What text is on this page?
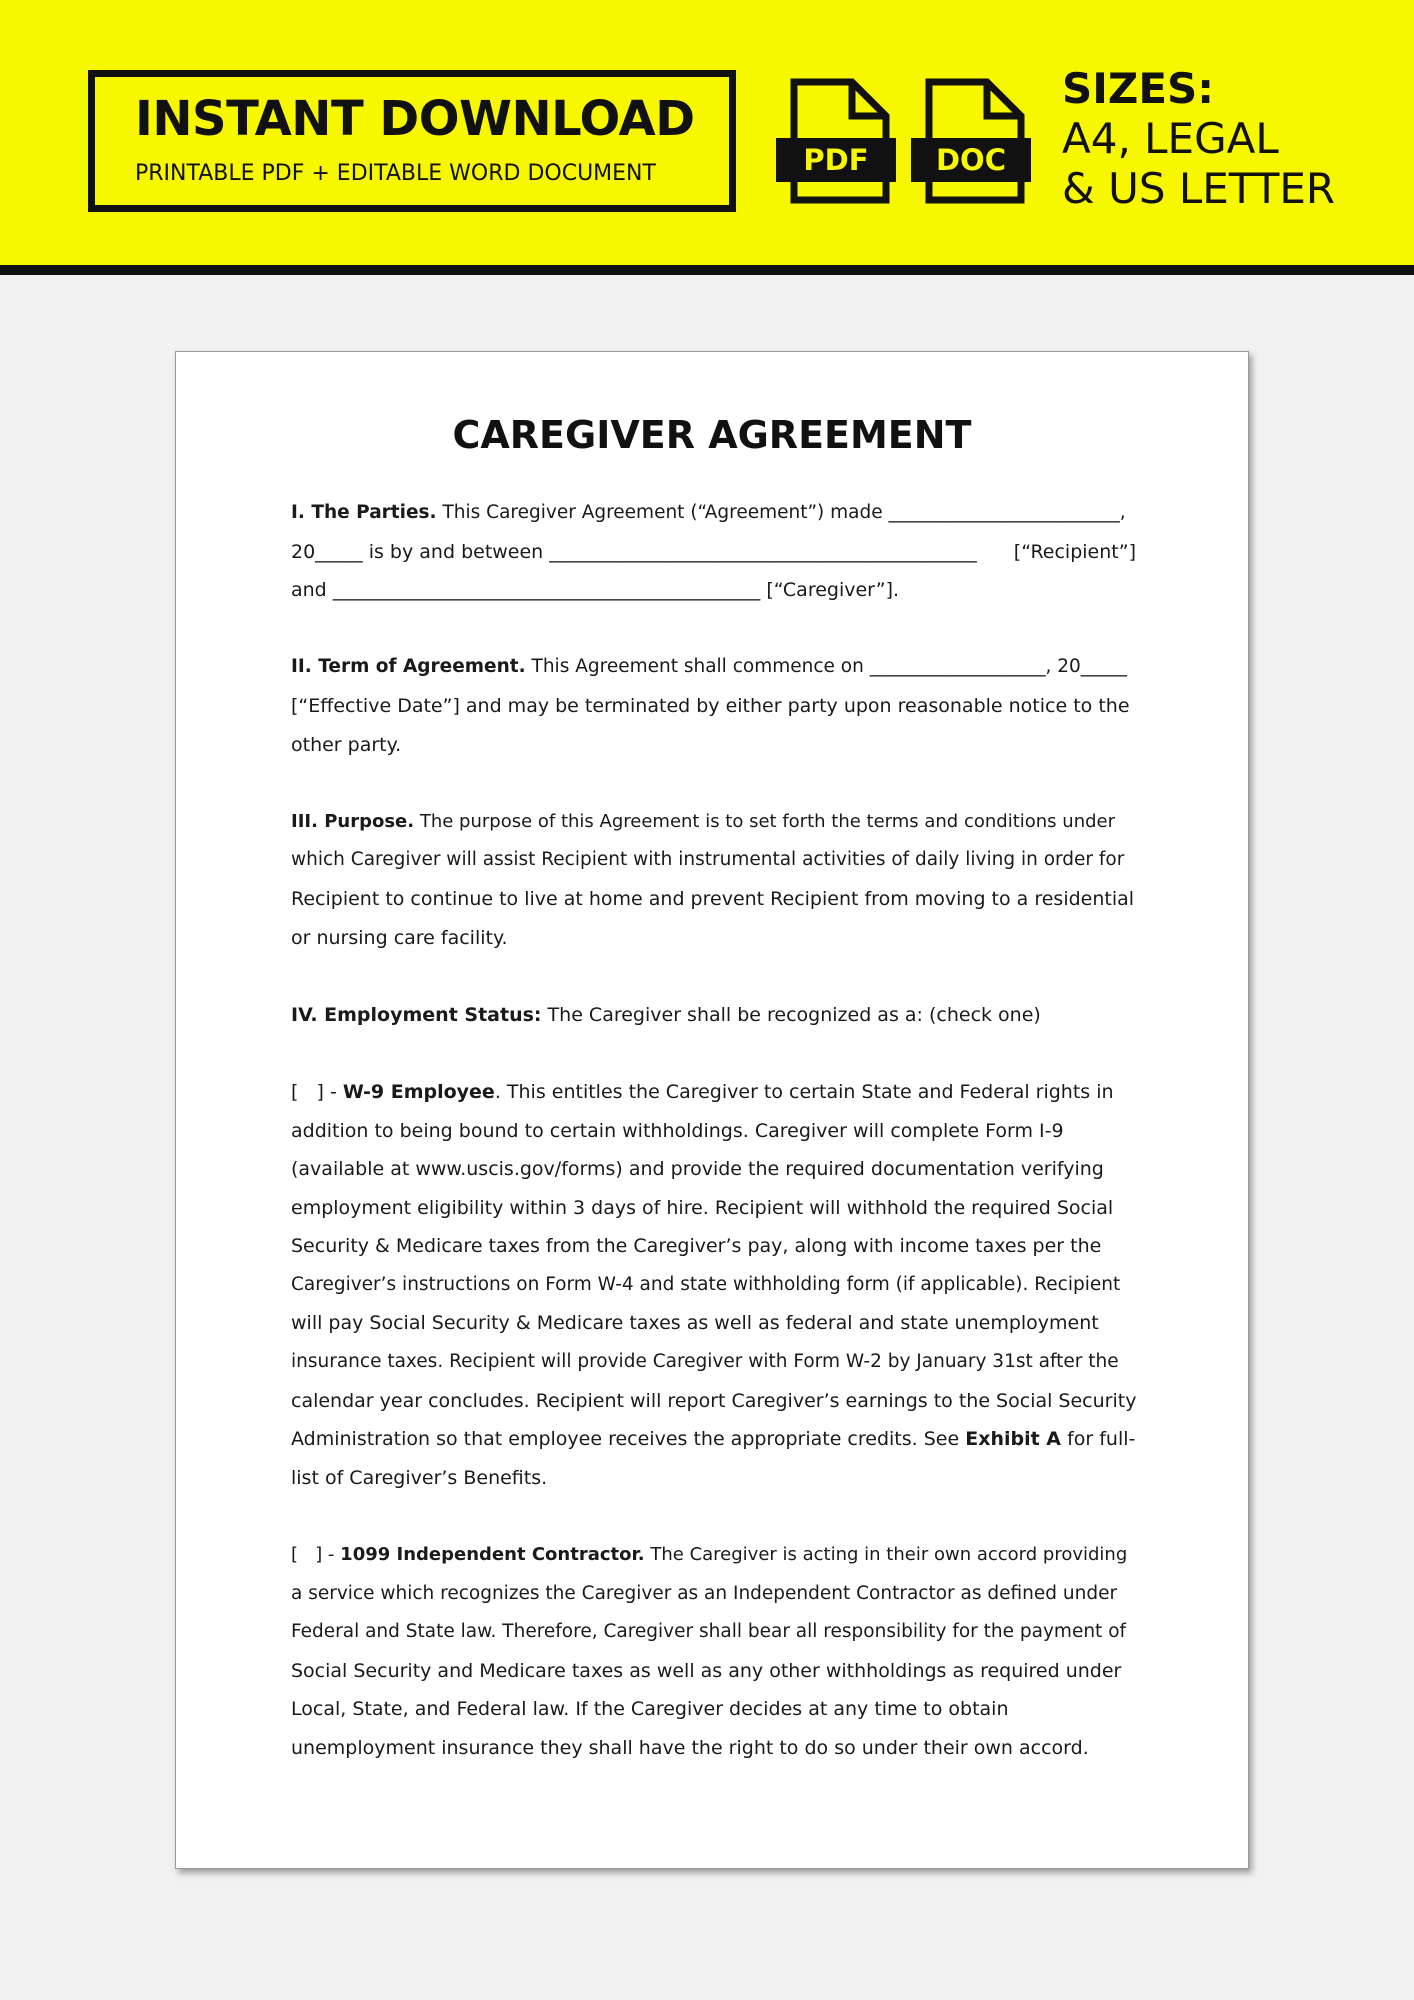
INSTANT DOWNLOAD
PRINTABLE PDF + EDITABLE WORD DOCUMENT	PDF	DOC
SIZES:
A4, LEGAL
& US LETTER
CAREGIVER AGREEMENT
I. The Parties. This Caregiver Agreement (“Agreement”) made _________________________,
20_____ is by and between _____________________________________________ [“Recipient”]
and _____________________________________________ [“Caregiver”].
II. Term of Agreement. This Agreement shall commence on ___________________, 20_____
[“Effective Date”] and may be terminated by either party upon reasonable notice to the
other party.
III. Purpose. The purpose of this Agreement is to set forth the terms and conditions under
which Caregiver will assist Recipient with instrumental activities of daily living in order for
Recipient to continue to live at home and prevent Recipient from moving to a residential
or nursing care facility.
IV. Employment Status: The Caregiver shall be recognized as a: (check one)
[   ] - W-9 Employee. This entitles the Caregiver to certain State and Federal rights in
addition to being bound to certain withholdings. Caregiver will complete Form I-9
(available at www.uscis.gov/forms) and provide the required documentation verifying
employment eligibility within 3 days of hire. Recipient will withhold the required Social
Security & Medicare taxes from the Caregiver’s pay, along with income taxes per the
Caregiver’s instructions on Form W-4 and state withholding form (if applicable). Recipient
will pay Social Security & Medicare taxes as well as federal and state unemployment
insurance taxes. Recipient will provide Caregiver with Form W-2 by January 31st after the
calendar year concludes. Recipient will report Caregiver’s earnings to the Social Security
Administration so that employee receives the appropriate credits. See Exhibit A for full-
list of Caregiver’s Benefits.
[   ] - 1099 Independent Contractor. The Caregiver is acting in their own accord providing
a service which recognizes the Caregiver as an Independent Contractor as defined under
Federal and State law. Therefore, Caregiver shall bear all responsibility for the payment of
Social Security and Medicare taxes as well as any other withholdings as required under
Local, State, and Federal law. If the Caregiver decides at any time to obtain
unemployment insurance they shall have the right to do so under their own accord.
